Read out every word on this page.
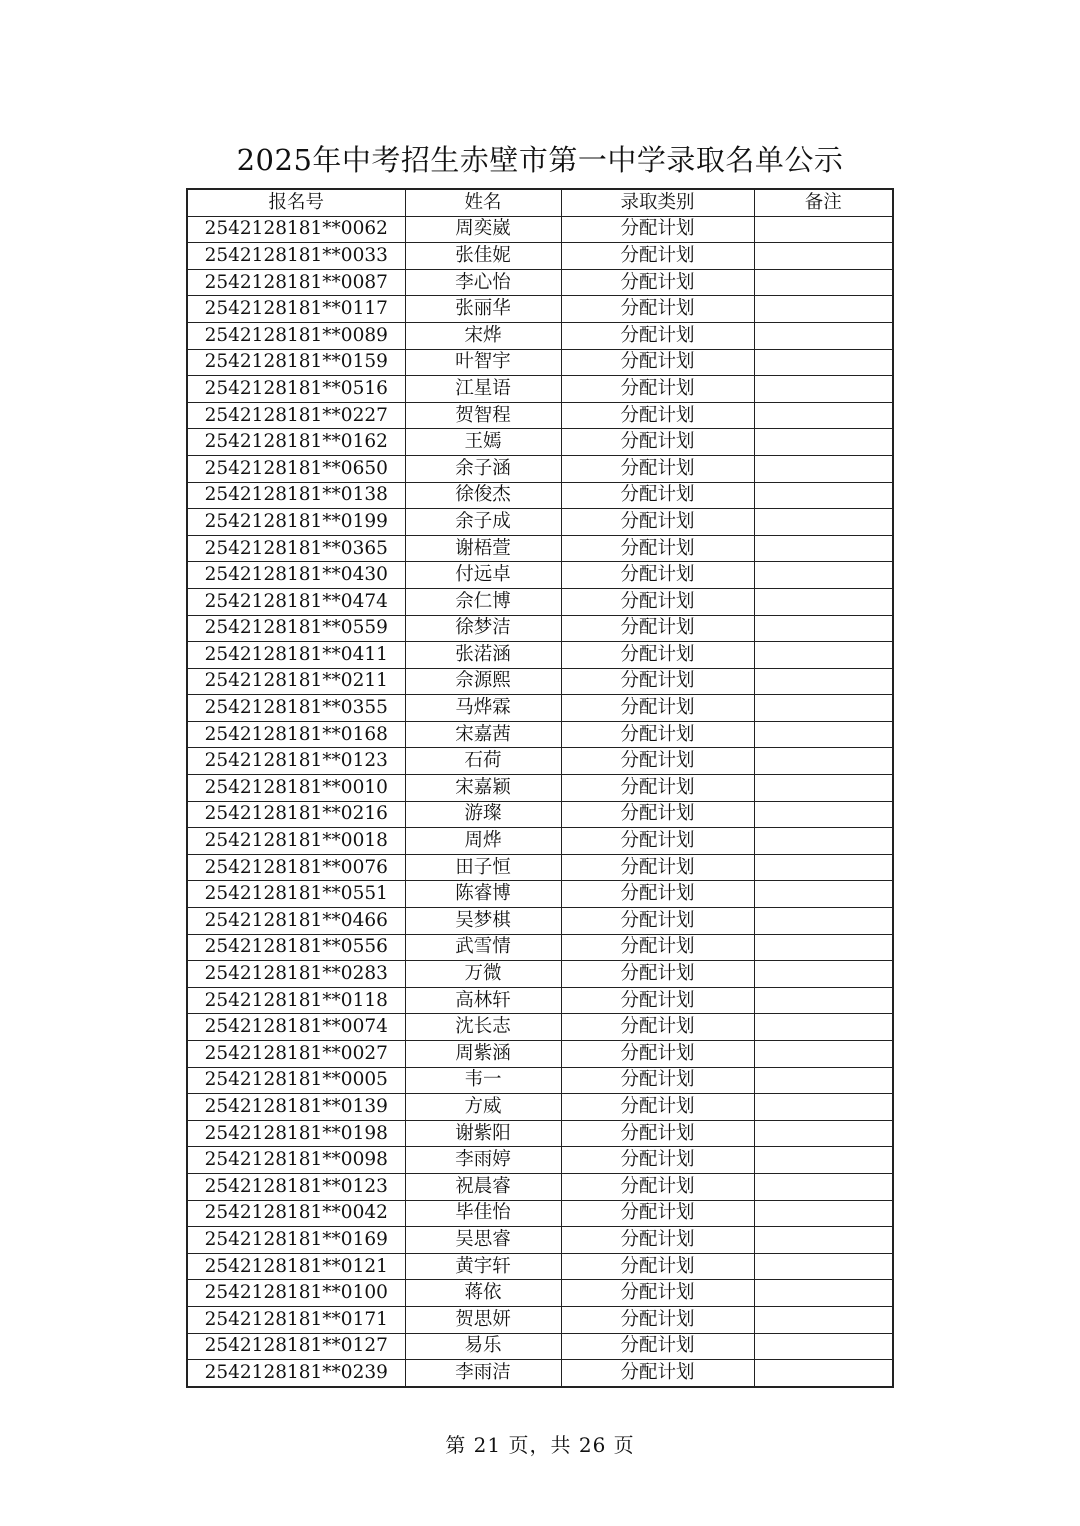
2025年中考招生赤壁市第一中学录取名单公示
报名号	姓名	录取类别	备注
2542128181**0062	周奕崴	分配计划	
2542128181**0033	张佳妮	分配计划	
2542128181**0087	李心怡	分配计划	
2542128181**0117	张丽华	分配计划	
2542128181**0089	宋烨	分配计划	
2542128181**0159	叶智宇	分配计划	
2542128181**0516	江星语	分配计划	
2542128181**0227	贺智程	分配计划	
2542128181**0162	王嫣	分配计划	
2542128181**0650	余子涵	分配计划	
2542128181**0138	徐俊杰	分配计划	
2542128181**0199	余子成	分配计划	
2542128181**0365	谢梧萱	分配计划	
2542128181**0430	付远卓	分配计划	
2542128181**0474	佘仁博	分配计划	
2542128181**0559	徐梦洁	分配计划	
2542128181**0411	张渃涵	分配计划	
2542128181**0211	佘源熙	分配计划	
2542128181**0355	马烨霖	分配计划	
2542128181**0168	宋嘉茜	分配计划	
2542128181**0123	石荷	分配计划	
2542128181**0010	宋嘉颖	分配计划	
2542128181**0216	游璨	分配计划	
2542128181**0018	周烨	分配计划	
2542128181**0076	田子恒	分配计划	
2542128181**0551	陈睿博	分配计划	
2542128181**0466	吴梦棋	分配计划	
2542128181**0556	武雪情	分配计划	
2542128181**0283	万微	分配计划	
2542128181**0118	高林轩	分配计划	
2542128181**0074	沈长志	分配计划	
2542128181**0027	周紫涵	分配计划	
2542128181**0005	韦一	分配计划	
2542128181**0139	方威	分配计划	
2542128181**0198	谢紫阳	分配计划	
2542128181**0098	李雨婷	分配计划	
2542128181**0123	祝晨睿	分配计划	
2542128181**0042	毕佳怡	分配计划	
2542128181**0169	吴思睿	分配计划	
2542128181**0121	黄宇轩	分配计划	
2542128181**0100	蒋依	分配计划	
2542128181**0171	贺思妍	分配计划	
2542128181**0127	易乐	分配计划	
2542128181**0239	李雨洁	分配计划	
第 21 页，共 26 页
